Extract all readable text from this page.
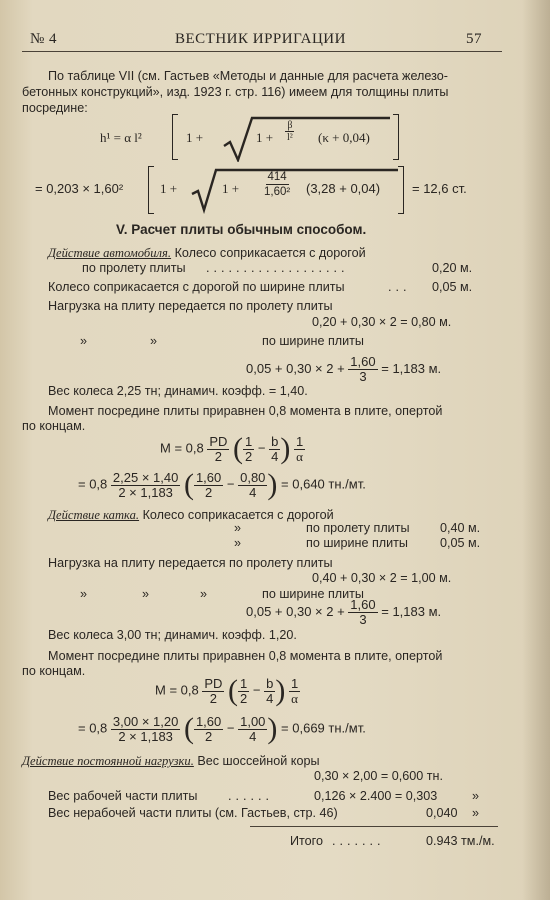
№ 4	ВЕСТНИК ИРРИГАЦИИ	57
По таблице VII (см. Гастьев «Методы и данные для расчета железо-
бетонных конструкций», изд. 1923 г. стр. 116) имеем для толщины плиты
посредине:
h¹ = α l²	1 +	$1 + \frac{\beta}{\text{l²}} (\kappa + 0,04)$
= 0,203 × 1,60²	1 +	$1 + \frac{414}{\text{1,60²}} (3,28 + 0,04) = 12,6$ ст.
V. Расчет плиты обычным способом.
Действие автомобиля. Колесо соприкасается с дорогой
по пролету плиты ...................	0,20 м.
Колесо соприкасается с дорогой по ширине плиты	... 0,05 м.
Нагрузка на плиту передается по пролету плиты
0,20 + 0,30 × 2 = 0,80 м.
»	»	по ширине плиты
$0,05 + 0,30 \times 2 + \frac{1,60}{3} = 1,183$ м.
Вес колеса 2,25 тн; динамич. коэфф. = 1,40.
Момент посредине плиты приравнен 0,8 момента в плите, опертой
по концам.
$M = 0,8 \frac{PD}{2}$ ( $\frac{1}{2} - \frac{b}{4}$ ) $\frac{1}{\alpha}$
= $0,8 \frac{2,25 \times 1,40}{2 \times 1,183}$ ( $\frac{1,60}{2} - \frac{0,80}{4}$ ) = 0,640 тн./мт.
Действие катка. Колесо соприкасается с дорогой
»	по пролету плиты 0,40 м.
»	по ширине плиты	0,05 м.
Нагрузка на плиту передается по пролету плиты
0,40 + 0,30 × 2 = 1,00 м.
»	»	»	по ширине плиты
$0,05 + 0,30 \times 2 + \frac{1,60}{3} = 1,183$ м.
Вес колеса 3,00 тн; динамич. коэфф. 1,20.
Момент посредине плиты приравнен 0,8 момента в плите, опертой
по концам.
$M = 0,8 \frac{PD}{2}$ ( $\frac{1}{2} - \frac{b}{4}$ ) $\frac{1}{\alpha}$
= $0,8 \frac{3,00 \times 1,20}{2 \times 1,183}$ ( $\frac{1,60}{2} - \frac{1,00}{4}$ ) = 0,669 тн./мт.
Действие постоянной нагрузки. Вес шоссейной коры
0,30 × 2,00 = 0,600 тн.
Вес рабочей части плиты ......	0,126 × 2.400 = 0,303	»
Вес нерабочей части плиты (см. Гастьев, стр. 46)	0,040 »
Итого .......	0.943 тм./м.
